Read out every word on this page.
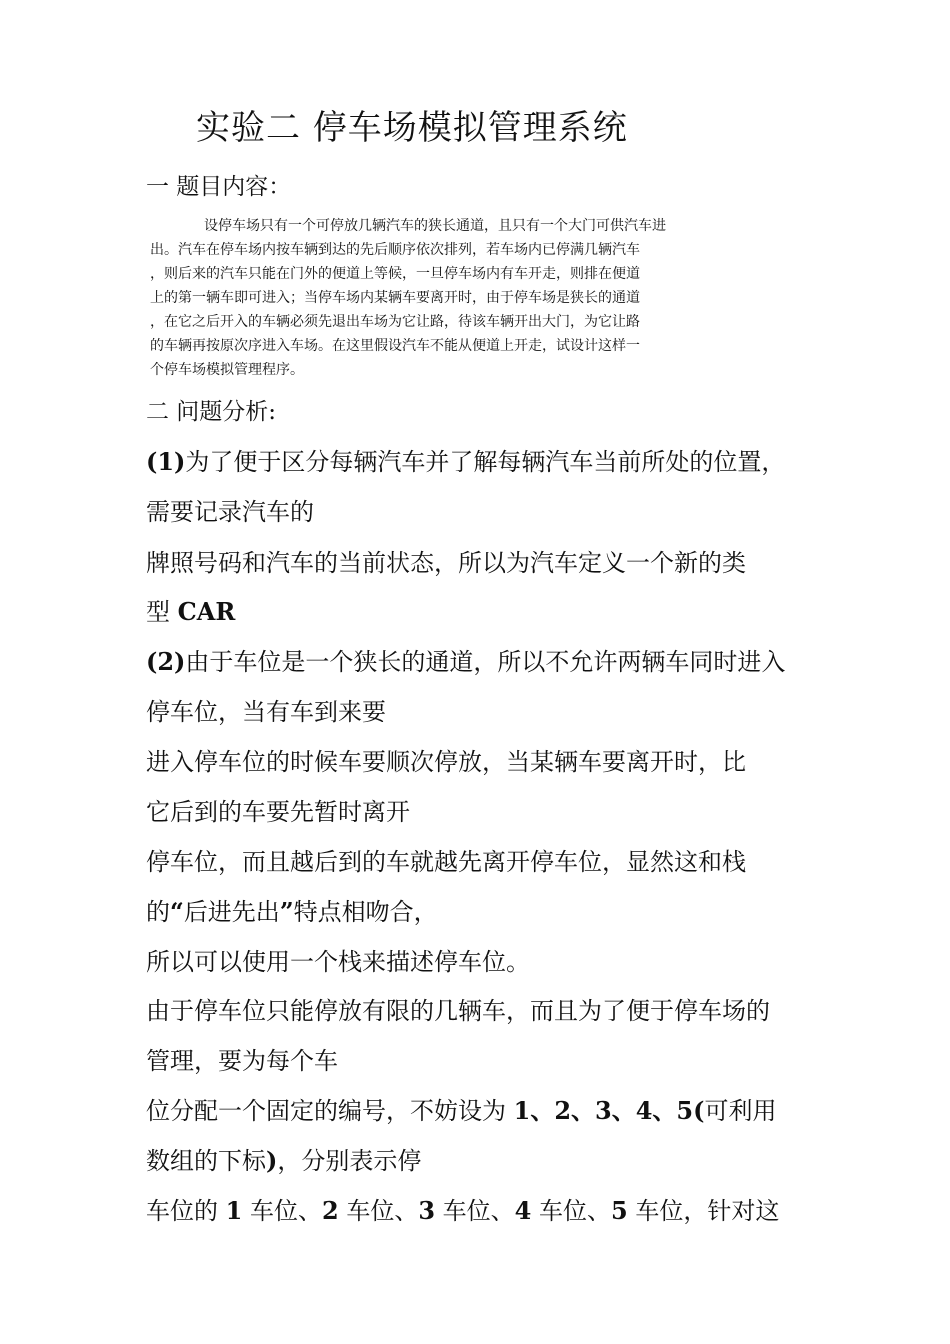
实验二 停车场模拟管理系统
一 题目内容：
设停车场只有一个可停放几辆汽车的狭长通道，且只有一个大门可供汽车进
出。汽车在停车场内按车辆到达的先后顺序依次排列，若车场内已停满几辆汽车
，则后来的汽车只能在门外的便道上等候，一旦停车场内有车开走，则排在便道
上的第一辆车即可进入；当停车场内某辆车要离开时，由于停车场是狭长的通道
，在它之后开入的车辆必须先退出车场为它让路，待该车辆开出大门，为它让路
的车辆再按原次序进入车场。在这里假设汽车不能从便道上开走，试设计这样一
个停车场模拟管理程序。
二 问题分析:
(1)为了便于区分每辆汽车并了解每辆汽车当前所处的位置，
需要记录汽车的
牌照号码和汽车的当前状态，所以为汽车定义一个新的类
型 CAR
(2)由于车位是一个狭长的通道，所以不允许两辆车同时进入
停车位，当有车到来要
进入停车位的时候车要顺次停放，当某辆车要离开时，比
它后到的车要先暂时离开
停车位，而且越后到的车就越先离开停车位，显然这和栈
的“后进先出”特点相吻合，
所以可以使用一个栈来描述停车位。
由于停车位只能停放有限的几辆车，而且为了便于停车场的
管理，要为每个车
位分配一个固定的编号，不妨设为 1、2、3、4、5(可利用
数组的下标)，分别表示停
车位的 1 车位、2 车位、3 车位、4 车位、5 车位，针对这
